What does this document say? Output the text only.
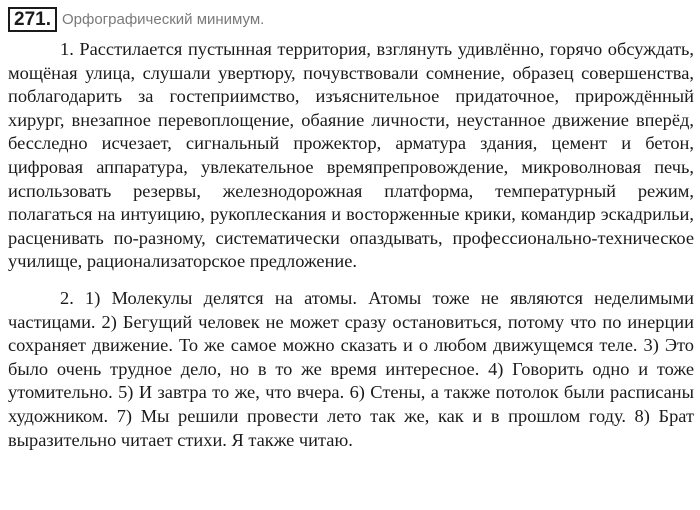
271. Орфографический минимум.

1. Расстилается пустынная территория, взглянуть удивлённо, горячо обсуждать, мощёная улица, слушали увертюру, почувствовали сомнение, образец совершенства, поблагодарить за гостеприимство, изъяснительное придаточное, прирождённый хирург, внезапное перевоплощение, обаяние личности, неустанное движение вперёд, бесследно исчезает, сигнальный прожектор, арматура здания, цемент и бетон, цифровая аппаратура, увлекательное времяпрепровождение, микроволновая печь, использовать резервы, железнодорожная платформа, температурный режим, полагаться на интуицию, рукоплескания и восторженные крики, командир эскадрильи, расценивать по-разному, систематически опаздывать, профессионально-техническое училище, рационализаторское предложение.

2. 1) Молекулы делятся на атомы. Атомы тоже не являются неделимыми частицами. 2) Бегущий человек не может сразу остановиться, потому что по инерции сохраняет движение. То же самое можно сказать и о любом движущемся теле. 3) Это было очень трудное дело, но в то же время интересное. 4) Говорить одно и тоже утомительно. 5) И завтра то же, что вчера. 6) Стены, а также потолок были расписаны художником. 7) Мы решили провести лето так же, как и в прошлом году. 8) Брат выразительно читает стихи. Я также читаю.
